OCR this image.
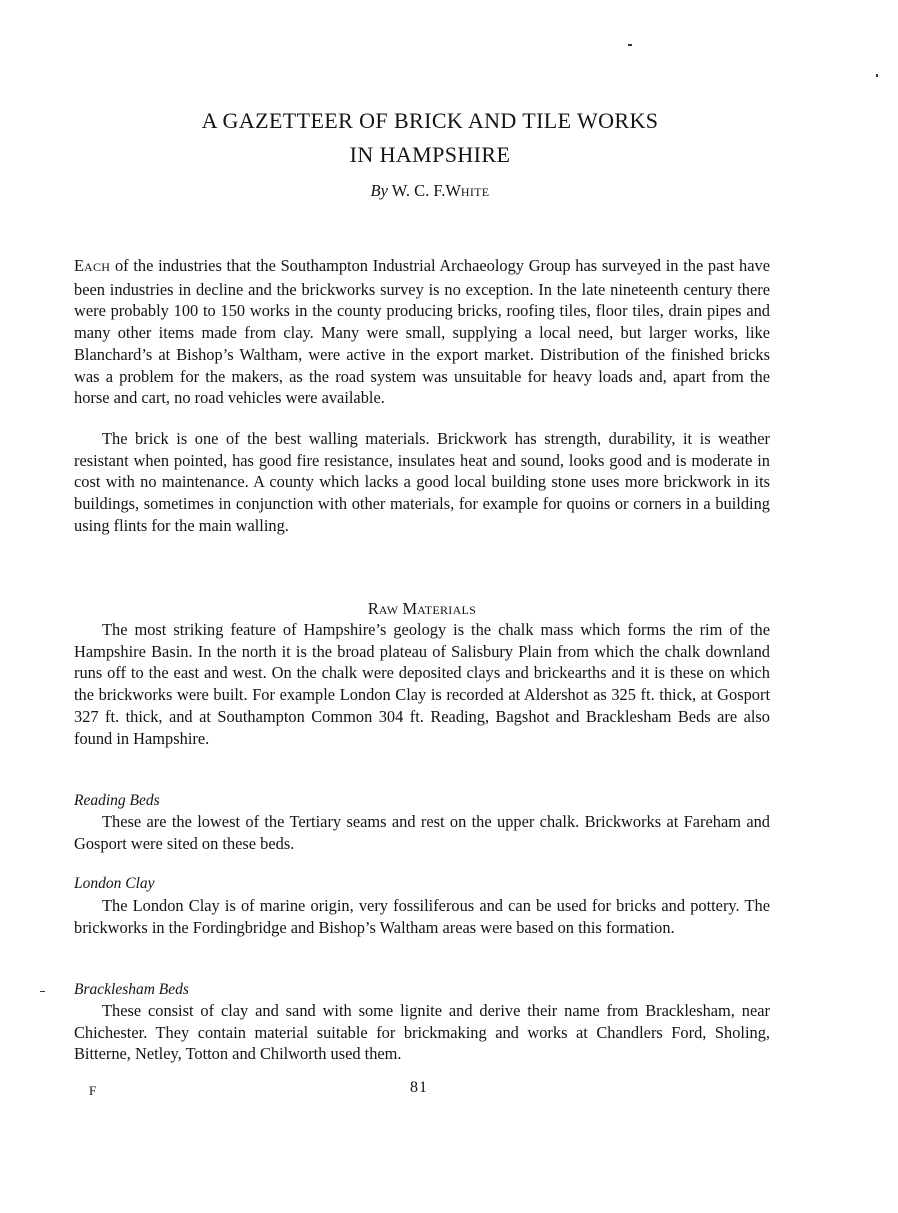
A GAZETTEER OF BRICK AND TILE WORKS
IN HAMPSHIRE
By W. C. F.WHITE

EACH of the industries that the Southampton Industrial Archaeology Group has surveyed in the past have been industries in decline and the brickworks survey is no exception. In the late nineteenth century there were probably 100 to 150 works in the county producing bricks, roofing tiles, floor tiles, drain pipes and many other items made from clay. Many were small, supplying a local need, but larger works, like Blanchard’s at Bishop’s Waltham, were active in the export market. Distribution of the finished bricks was a problem for the makers, as the road system was unsuitable for heavy loads and, apart from the horse and cart, no road vehicles were available.

The brick is one of the best walling materials. Brickwork has strength, durability, it is weather resistant when pointed, has good fire resistance, insulates heat and sound, looks good and is moderate in cost with no maintenance. A county which lacks a good local building stone uses more brickwork in its buildings, sometimes in conjunction with other materials, for example for quoins or corners in a building using flints for the main walling.

RAW MATERIALS

The most striking feature of Hampshire’s geology is the chalk mass which forms the rim of the Hampshire Basin. In the north it is the broad plateau of Salisbury Plain from which the chalk downland runs off to the east and west. On the chalk were deposited clays and brickearths and it is these on which the brickworks were built. For example London Clay is recorded at Aldershot as 325 ft. thick, at Gosport 327 ft. thick, and at Southampton Common 304 ft. Reading, Bagshot and Bracklesham Beds are also found in Hampshire.

Reading Beds

These are the lowest of the Tertiary seams and rest on the upper chalk. Brickworks at Fareham and Gosport were sited on these beds.

London Clay

The London Clay is of marine origin, very fossiliferous and can be used for bricks and pottery. The brickworks in the Fordingbridge and Bishop’s Waltham areas were based on this formation.

Bracklesham Beds

These consist of clay and sand with some lignite and derive their name from Bracklesham, near Chichester. They contain material suitable for brickmaking and works at Chandlers Ford, Sholing, Bitterne, Netley, Totton and Chilworth used them.

F	81
